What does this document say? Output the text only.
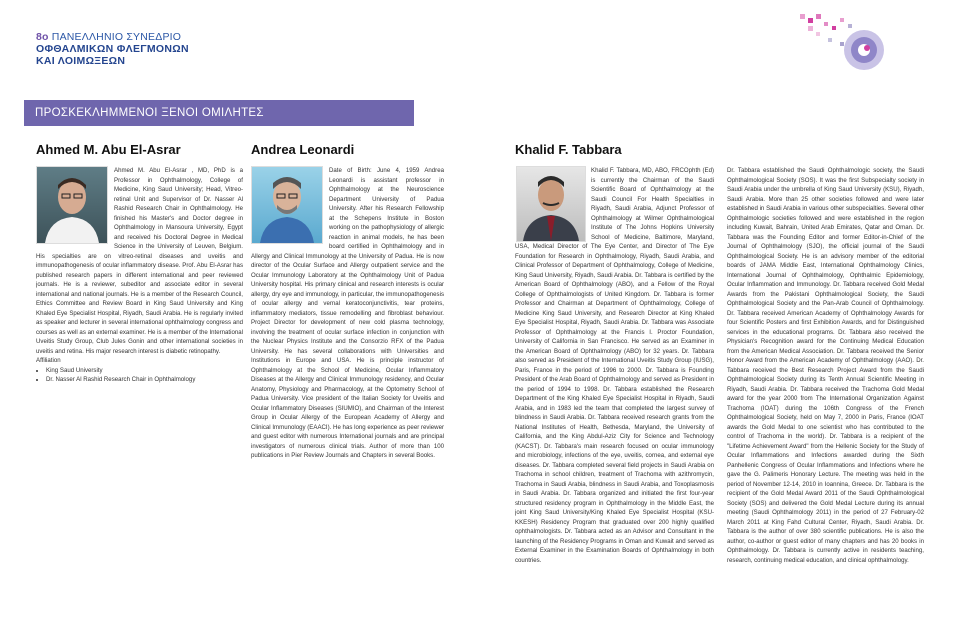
8o ΠΑΝΕΛΛΗΝΙΟ ΣΥΝΕΔΡΙΟ
ΟΦΘΑΛΜΙΚΩΝ ΦΛΕΓΜΟΝΩΝ
ΚΑΙ ΛΟΙΜΩΞΕΩΝ
ΠΡΟΣΚΕΚΛΗΜΜΕΝΟΙ ΞΕΝΟΙ ΟΜΙΛΗΤΕΣ
Ahmed M. Abu El-Asrar

Ahmed M. Abu El-Asrar , MD, PhD is a Professor in Ophthalmology, College of Medicine, King Saud University; Head, Vitreo-retinal Unit and Supervisor of Dr. Nasser Al Rashid Research Chair in Ophthalmology. He finished his Master's and Doctor degree in Ophthalmology in Mansoura University, Egypt and received his Doctoral Degree in Medical Science in the University of Leuven, Belgium. His specialties are on vitreo-retinal diseases and uveitis and immunopathogenesis of ocular inflammatory disease. Prof. Abu El-Asrar has published research papers in different international and peer reviewed journals. He is a reviewer, subeditor and associate editor in several international and national journals. He is a member of the Research Council, Ethics Committee and Review Board in King Saud University and King Khaled Eye Specialist Hospital, Riyadh, Saudi Arabia. He is regularly invited as speaker and lecturer in several international ophthalmology congress and courses as well as an external examiner. He is a member of the International Uveitis Study Group, Club Jules Gonin and other international societies in uveitis and retina. His major research interest is diabetic retinopathy.

Affiliation

• King Saud University
• Dr. Nasser Al Rashid Research Chair in Ophthalmology
Andrea Leonardi

Date of Birth: June 4, 1959 Andrea Leonardi is assistant professor in Ophthalmology at the Neuroscience Department University of Padua University. After his Research Fellowship at the Schepens Institute in Boston working on the pathophysiology of allergic reaction in animal models, he has been board certified in Ophthalmology and in Allergy and Clinical Immunology at the University of Padua. He is now director of the Ocular Surface and Allergy outpatient service and the Ocular Immunology Laboratory at the Ophthalmology Unit of Padua University hospital. His primary clinical and research interests is ocular allergy, dry eye and immunology, in particular, the immunopathogenesis of ocular allergy and vernal keratoconjunctivitis, tear proteins, inflammatory mediators, tissue remodelling and fibroblast behaviour. Project Director for development of new cold plasma technology, involving the treatment of ocular surface infection in conjunction with the Nuclear Physics Institute and the Consorzio RFX of the Padua University. He has several collaborations with Universities and Institutions in Europe and USA. He is principle instructor of Ophthalmology at the School of Medicine, Ocular Inflammatory Diseases at the Allergy and Clinical Immunology residency, and Ocular Anatomy, Physiology and Pharmacology, at the Optometry School of Padua University. Vice president of the Italian Society for Uveitis and Ocular Inflammatory Diseases (SIUMIO), and Chairman of the Interest Group in Ocular Allergy of the European Academy of Allergy and Clinical Immunology (EAACI). He has long experience as peer reviewer and guest editor with numerous International journals and are principal investigators of numerous clinical trials. Author of more than 100 publications in Pier Review Journals and Chapters in several Books.

Khalid F. Tabbara

Khalid F. Tabbara, MD, ABO, FRCOphth (Ed) is currently the Chairman of the Saudi Scientific Board of Ophthalmology at the Saudi Council For Health Specialties in Riyadh, Saudi Arabia, Adjunct Professor of Ophthalmology at Wilmer Ophthalmological Institute of The Johns Hopkins University School of Medicine, Baltimore, Maryland, USA, Medical Director of The Eye Center, and Director of The Eye Foundation for Research in Ophthalmology, Riyadh, Saudi Arabia, and Clinical Professor of Department of Ophthalmology, College of Medicine, King Saud University, Riyadh, Saudi Arabia. Dr. Tabbara is certified by the American Board of Ophthalmology (ABO), and a Fellow of the Royal College of Ophthalmologists of United Kingdom. Dr. Tabbara is former Professor and Chairman at Department of Ophthalmology, College of Medicine King Saud University, and Research Director at King Khaled Eye Specialist Hospital, Riyadh, Saudi Arabia. Dr. Tabbara was Associate Professor of Ophthalmology at the Francis I. Proctor Foundation, University of California in San Francisco. He served as an Examiner in the American Board of Ophthalmology (ABO) for 32 years. Dr. Tabbara also served as President of the International Uveitis Study Group (IUSG), Paris, France in the period of 1996 to 2000. Dr. Tabbara is Founding President of the Arab Board of Ophthalmology and served as President in the period of 1994 to 1998. Dr. Tabbara established the Research Department of the King Khaled Eye Specialist Hospital in Riyadh, Saudi Arabia, and in 1983 led the team that completed the largest survey of blindness in Saudi Arabia. Dr. Tabbara received research grants from the National Institutes of Health, Bethesda, Maryland, the University of California, and the King Abdul-Aziz City for Science and Technology (KACST). Dr. Tabbara's main research focused on ocular immunology and microbiology, infections of the eye, uveitis, cornea, and external eye diseases. Dr. Tabbara completed several field projects in Saudi Arabia on Trachoma in school children, treatment of Trachoma with azithromycin, Trachoma in Saudi Arabia, blindness in Saudi Arabia, and Toxoplasmosis in Saudi Arabia. Dr. Tabbara organized and initiated the first four-year structured residency program in Ophthalmology in the Middle East, the joint King Saud University/King Khaled Eye Specialist Hospital (KSU-KKESH) Residency Program that graduated over 200 highly qualified ophthalmologists. Dr. Tabbara acted as an Advisor and Consultant in the launching of the Residency Programs in Oman and Kuwait and served as External Examiner in the Examination Boards of Ophthalmology in both countries.

Dr. Tabbara established the Saudi Ophthalmologic society, the Saudi Ophthalmological Society (SOS). It was the first Subspecialty society in Saudi Arabia under the umbrella of King Saud University (KSU), Riyadh, Saudi Arabia. More than 25 other societies followed and were later established in Saudi Arabia in various other subspecialties. Several other Ophthalmologic societies followed and were established in the region including Kuwait, Bahrain, United Arab Emirates, Qatar and Oman. Dr. Tabbara was the Founding Editor and former Editor-in-Chief of the Journal of Ophthalmology (SJO), the official journal of the Saudi Ophthalmological Society. He is an advisory member of the editorial boards of JAMA Middle East, International Ophthalmology Clinics, International Journal of Ophthalmology, Ophthalmic Epidemiology, Ocular Inflammation and Immunology. Dr. Tabbara received Gold Medal Awards from the Pakistani Ophthalmological Society, the Saudi Ophthalmological Society and the Pan-Arab Council of Ophthalmology. Dr. Tabbara received American Academy of Ophthalmology Awards for four Scientific Posters and first Exhibition Awards, and for Distinguished services in the educational programs. Dr. Tabbara also received the Physician's Recognition award for the Continuing Medical Education from the American Medical Association. Dr. Tabbara received the Senior Honor Award from the American Academy of Ophthalmology (AAO). Dr. Tabbara received the Best Research Project Award from the Saudi Ophthalmological Society during its Tenth Annual Scientific Meeting in Riyadh, Saudi Arabia. Dr. Tabbara received the Trachoma Gold Medal award for the year 2000 from The International Organization Against Trachoma (IOAT) during the 106th Congress of the French Ophthalmological Society, held on May 7, 2000 in Paris, France (IOAT awards the Gold Medal to one scientist who has contributed to the control of Trachoma in the world). Dr. Tabbara is a recipient of the "Lifetime Achievement Award" from the Hellenic Society for the Study of Ocular Inflammations and Infections awarded during the Sixth Panhellenic Congress of Ocular Inflammations and Infections where he gave the G. Palimeris Honorary Lecture. The meeting was held in the period of November 12-14, 2010 in Ioannina, Greece. Dr. Tabbara is the recipient of the Gold Medal Award 2011 of the Saudi Ophthalmological Society (SOS) and delivered the Gold Medal Lecture during its annual meeting (Saudi Ophthalmology 2011) in the period of 27 February-02 March 2011 at King Fahd Cultural Center, Riyadh, Saudi Arabia. Dr. Tabbara is the author of over 380 scientific publications. He is also the author, co-author or guest editor of many chapters and has 20 books in Ophthalmology. Dr. Tabbara is currently active in residents teaching, research, continuing medical education, and clinical ophthalmology.
